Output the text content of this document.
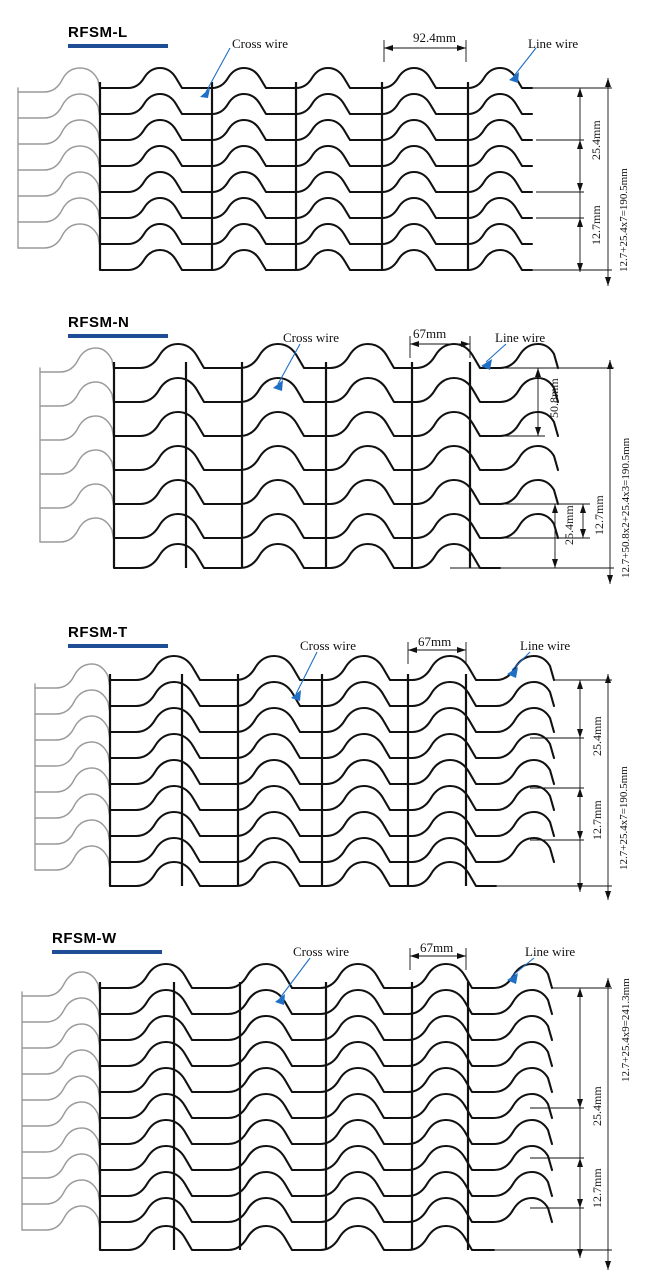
RFSM-L
Cross wire	Line wire
92.4mm
25.4mm
12.7mm 12.7+25.4x7=190.5mm
RFSM-N
Cross wire	Line wire
67mm
50.8mm
12.7mm
25.4mm	12.7+50.8x2+25.4x3=190.5mm
RFSM-T
Cross wire	Line wire
67mm
25.4mm
12.7mm 12.7+25.4x7=190.5mm
RFSM-W
Cross wire	Line wire
67mm
25.4mm
12.7mm
12.7+25.4x9=241.3mm
